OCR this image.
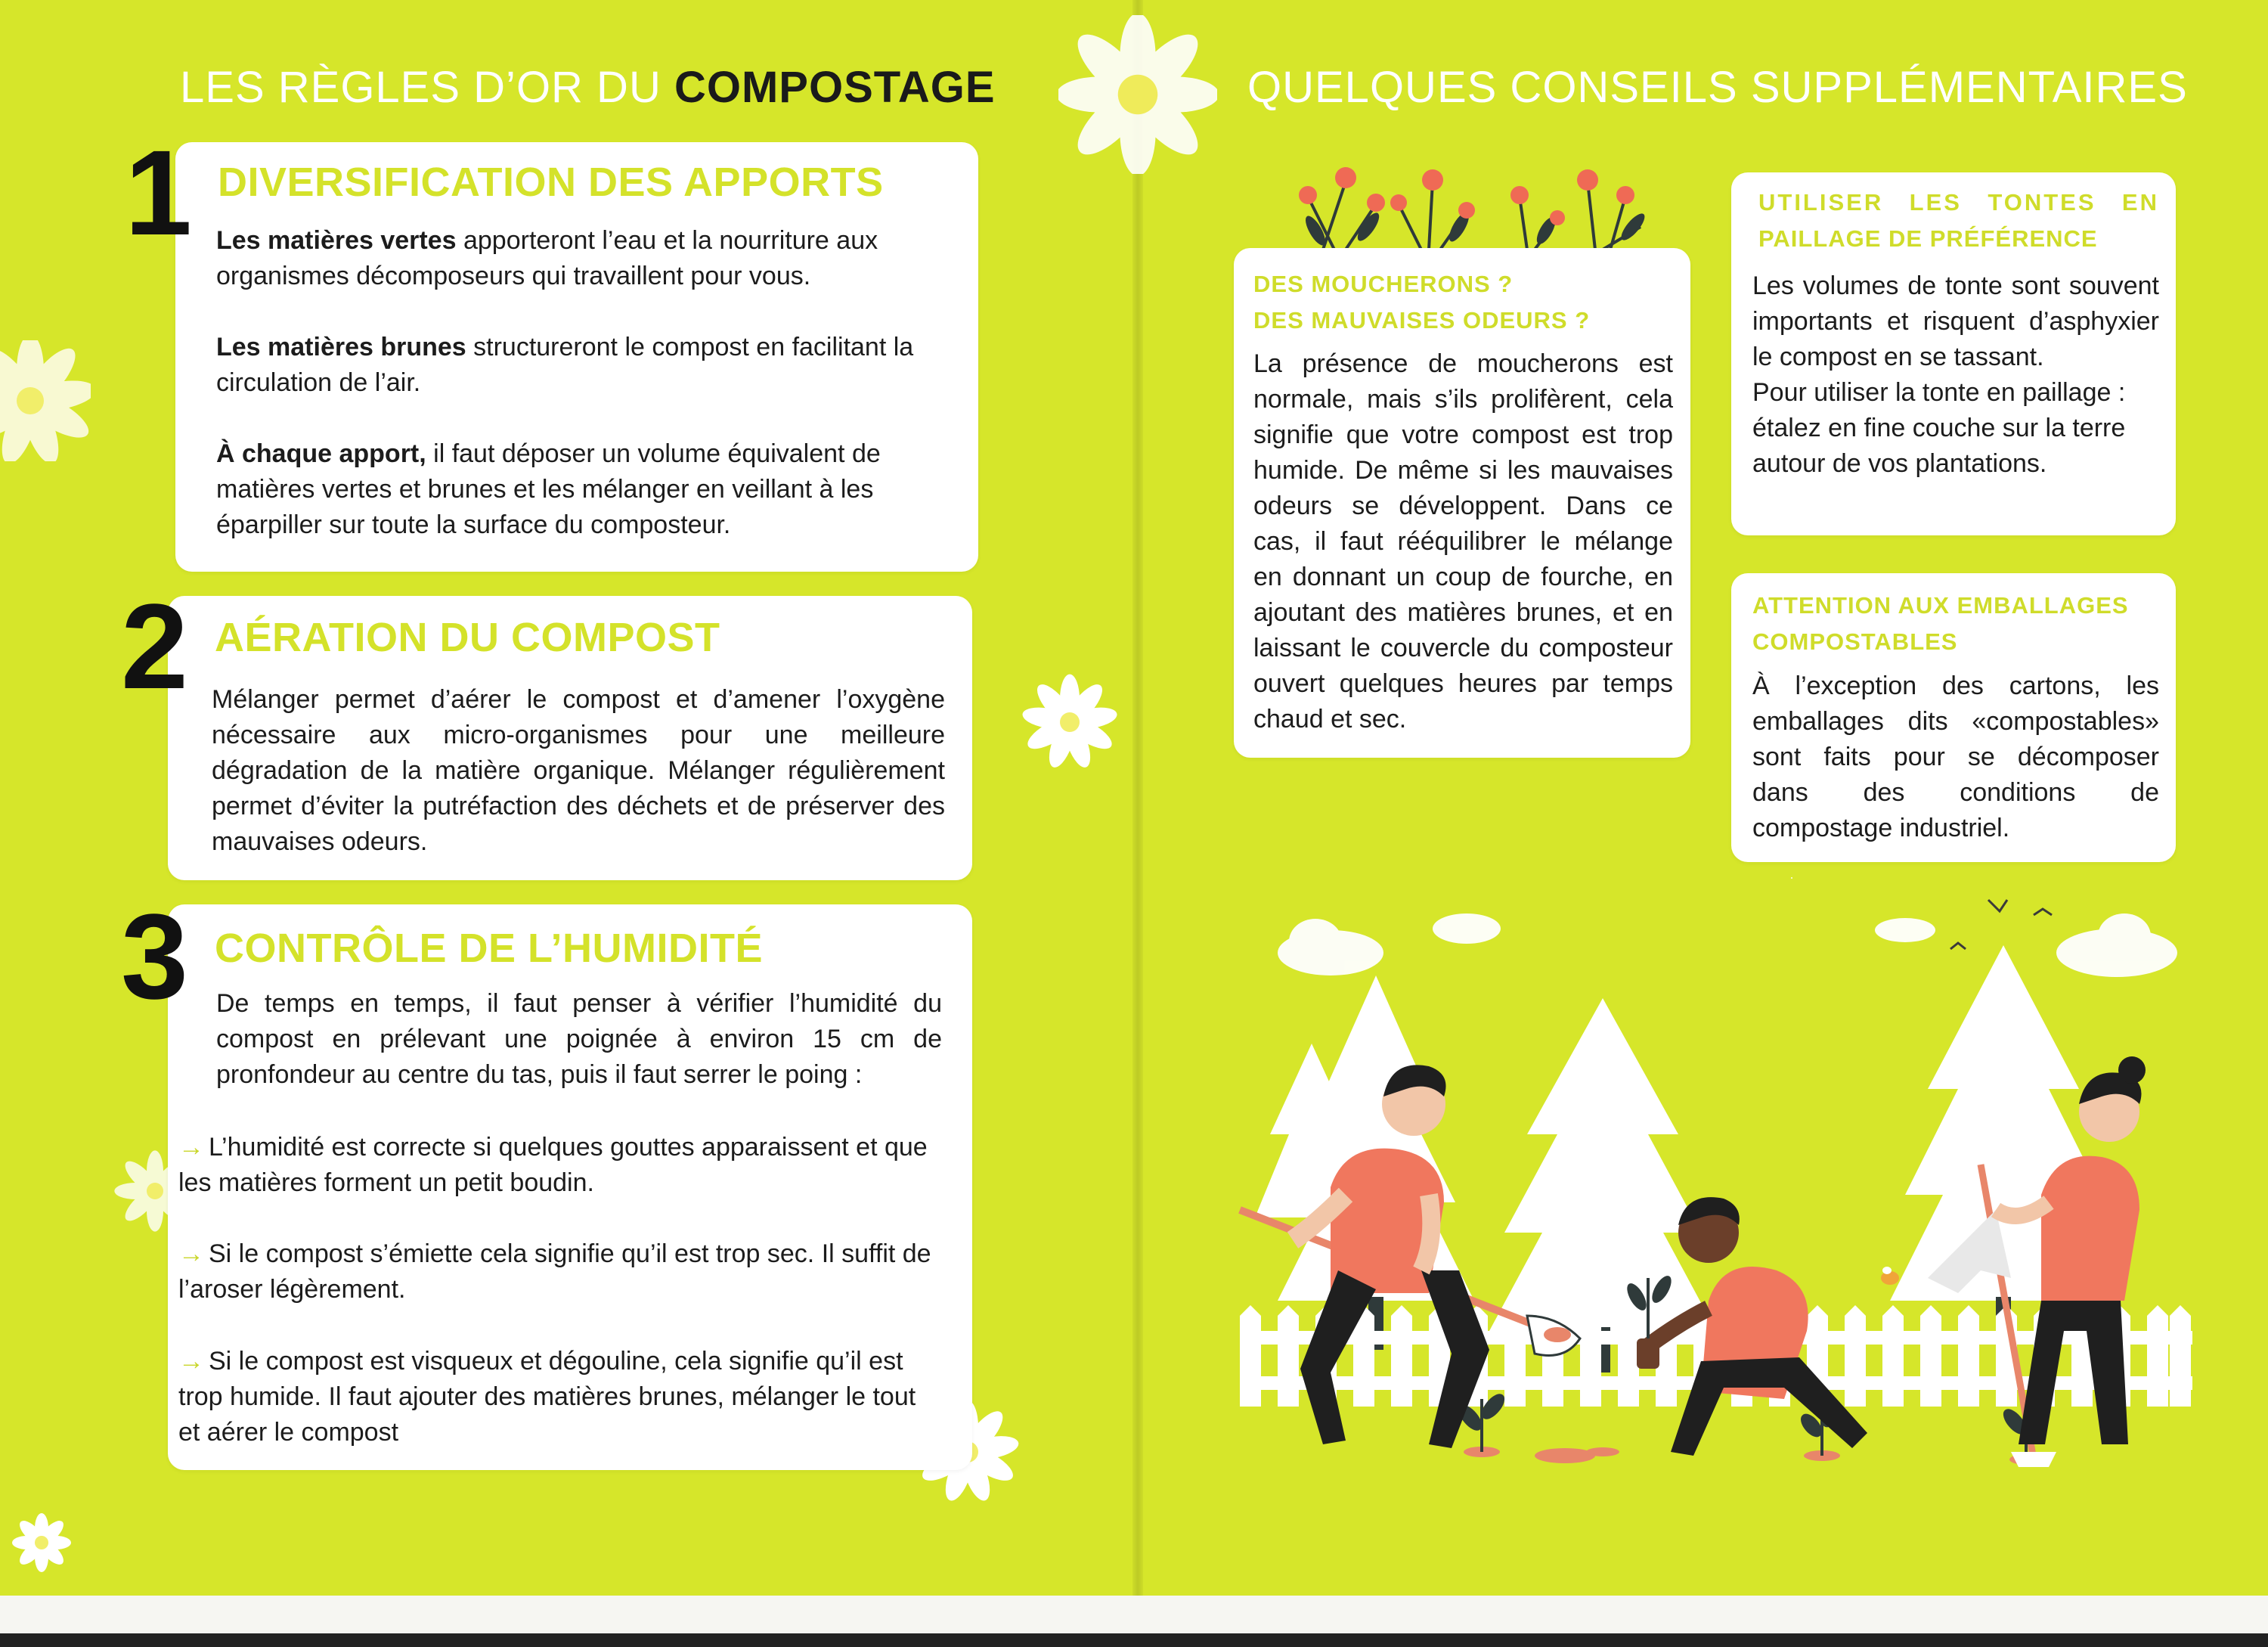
LES RÈGLES D’OR DU COMPOSTAGE
1 DIVERSIFICATION DES APPORTS

Les matières vertes apporteront l’eau et la nourriture aux organismes décomposeurs qui travaillent pour vous.

Les matières brunes structureront le compost en facilitant la circulation de l’air.

À chaque apport, il faut déposer un volume équivalent de matières vertes et brunes et les mélanger en veillant à les éparpiller sur toute la surface du composteur.

2 AÉRATION DU COMPOST

Mélanger permet d’aérer le compost et d’amener l’oxygène nécessaire aux micro-organismes pour une meilleure dégradation de la matière organique. Mélanger régulièrement permet d’éviter la putréfaction des déchets et de préserver des mauvaises odeurs.

3 CONTRÔLE DE L’HUMIDITÉ

De temps en temps, il faut penser à vérifier l’humidité du compost en prélevant une poignée à environ 15 cm de pronfondeur au centre du tas, puis il faut serrer le poing :

→ L’humidité est correcte si quelques gouttes apparaissent et que les matières forment un petit boudin.
→ Si le compost s’émiette cela signifie qu’il est trop sec. Il suffit de l’aroser légèrement.
→ Si le compost est visqueux et dégouline, cela signifie qu’il est trop humide. Il faut ajouter des matières brunes, mélanger le tout et aérer le compost
QUELQUES CONSEILS SUPPLÉMENTAIRES
DES MOUCHERONS ?
DES MAUVAISES ODEURS ?
La présence de moucherons est normale, mais s’ils prolifèrent, cela signifie que votre compost est trop humide. De même si les mauvaises odeurs se développent. Dans ce cas, il faut rééquilibrer le mélange en donnant un coup de fourche, en ajoutant des matières brunes, et en laissant le couvercle du composteur ouvert quelques heures par temps chaud et sec.
UTILISER LES TONTES EN
PAILLAGE DE PRÉFÉRENCE
Les volumes de tonte sont souvent importants et risquent d’asphyxier le compost en se tassant.
Pour utiliser la tonte en paillage : étalez en fine couche sur la terre autour de vos plantations.
ATTENTION AUX EMBALLAGES
COMPOSTABLES
À l’exception des cartons, les emballages dits «compostables» sont faits pour se décomposer dans des conditions de compostage industriel.
